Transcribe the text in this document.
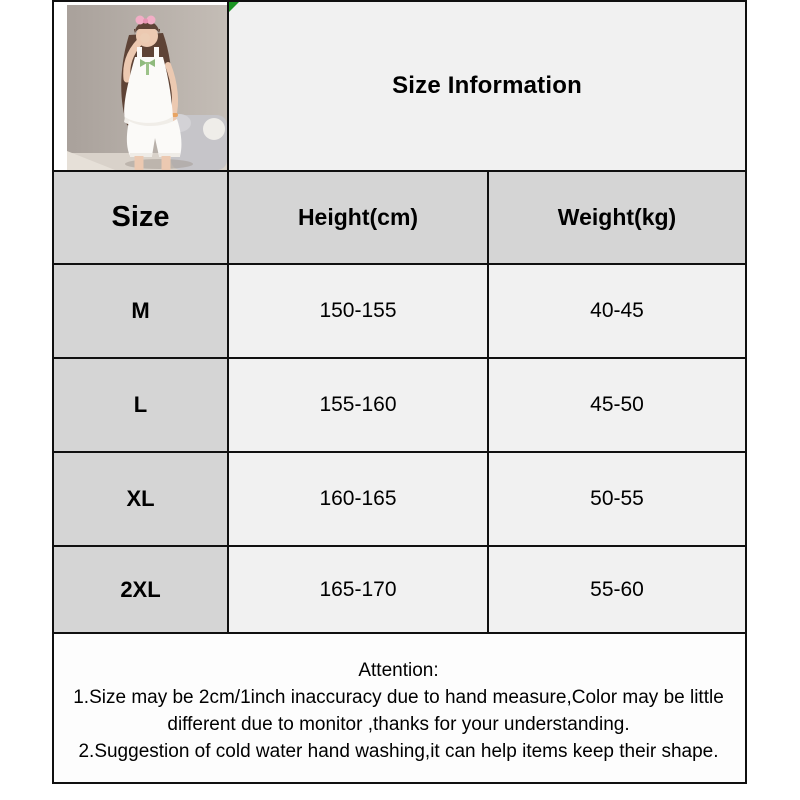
Size Information	
Size	Height(cm)	Weight(kg)
M	150-155	40-45
L	155-160	45-50
XL	160-165	50-55
2XL	165-170	55-60

Attention:
1.Size may be 2cm/1inch inaccuracy due to hand measure,Color may be little different due to monitor ,thanks for your understanding.
2.Suggestion of cold water hand washing,it can help items keep their shape.		
